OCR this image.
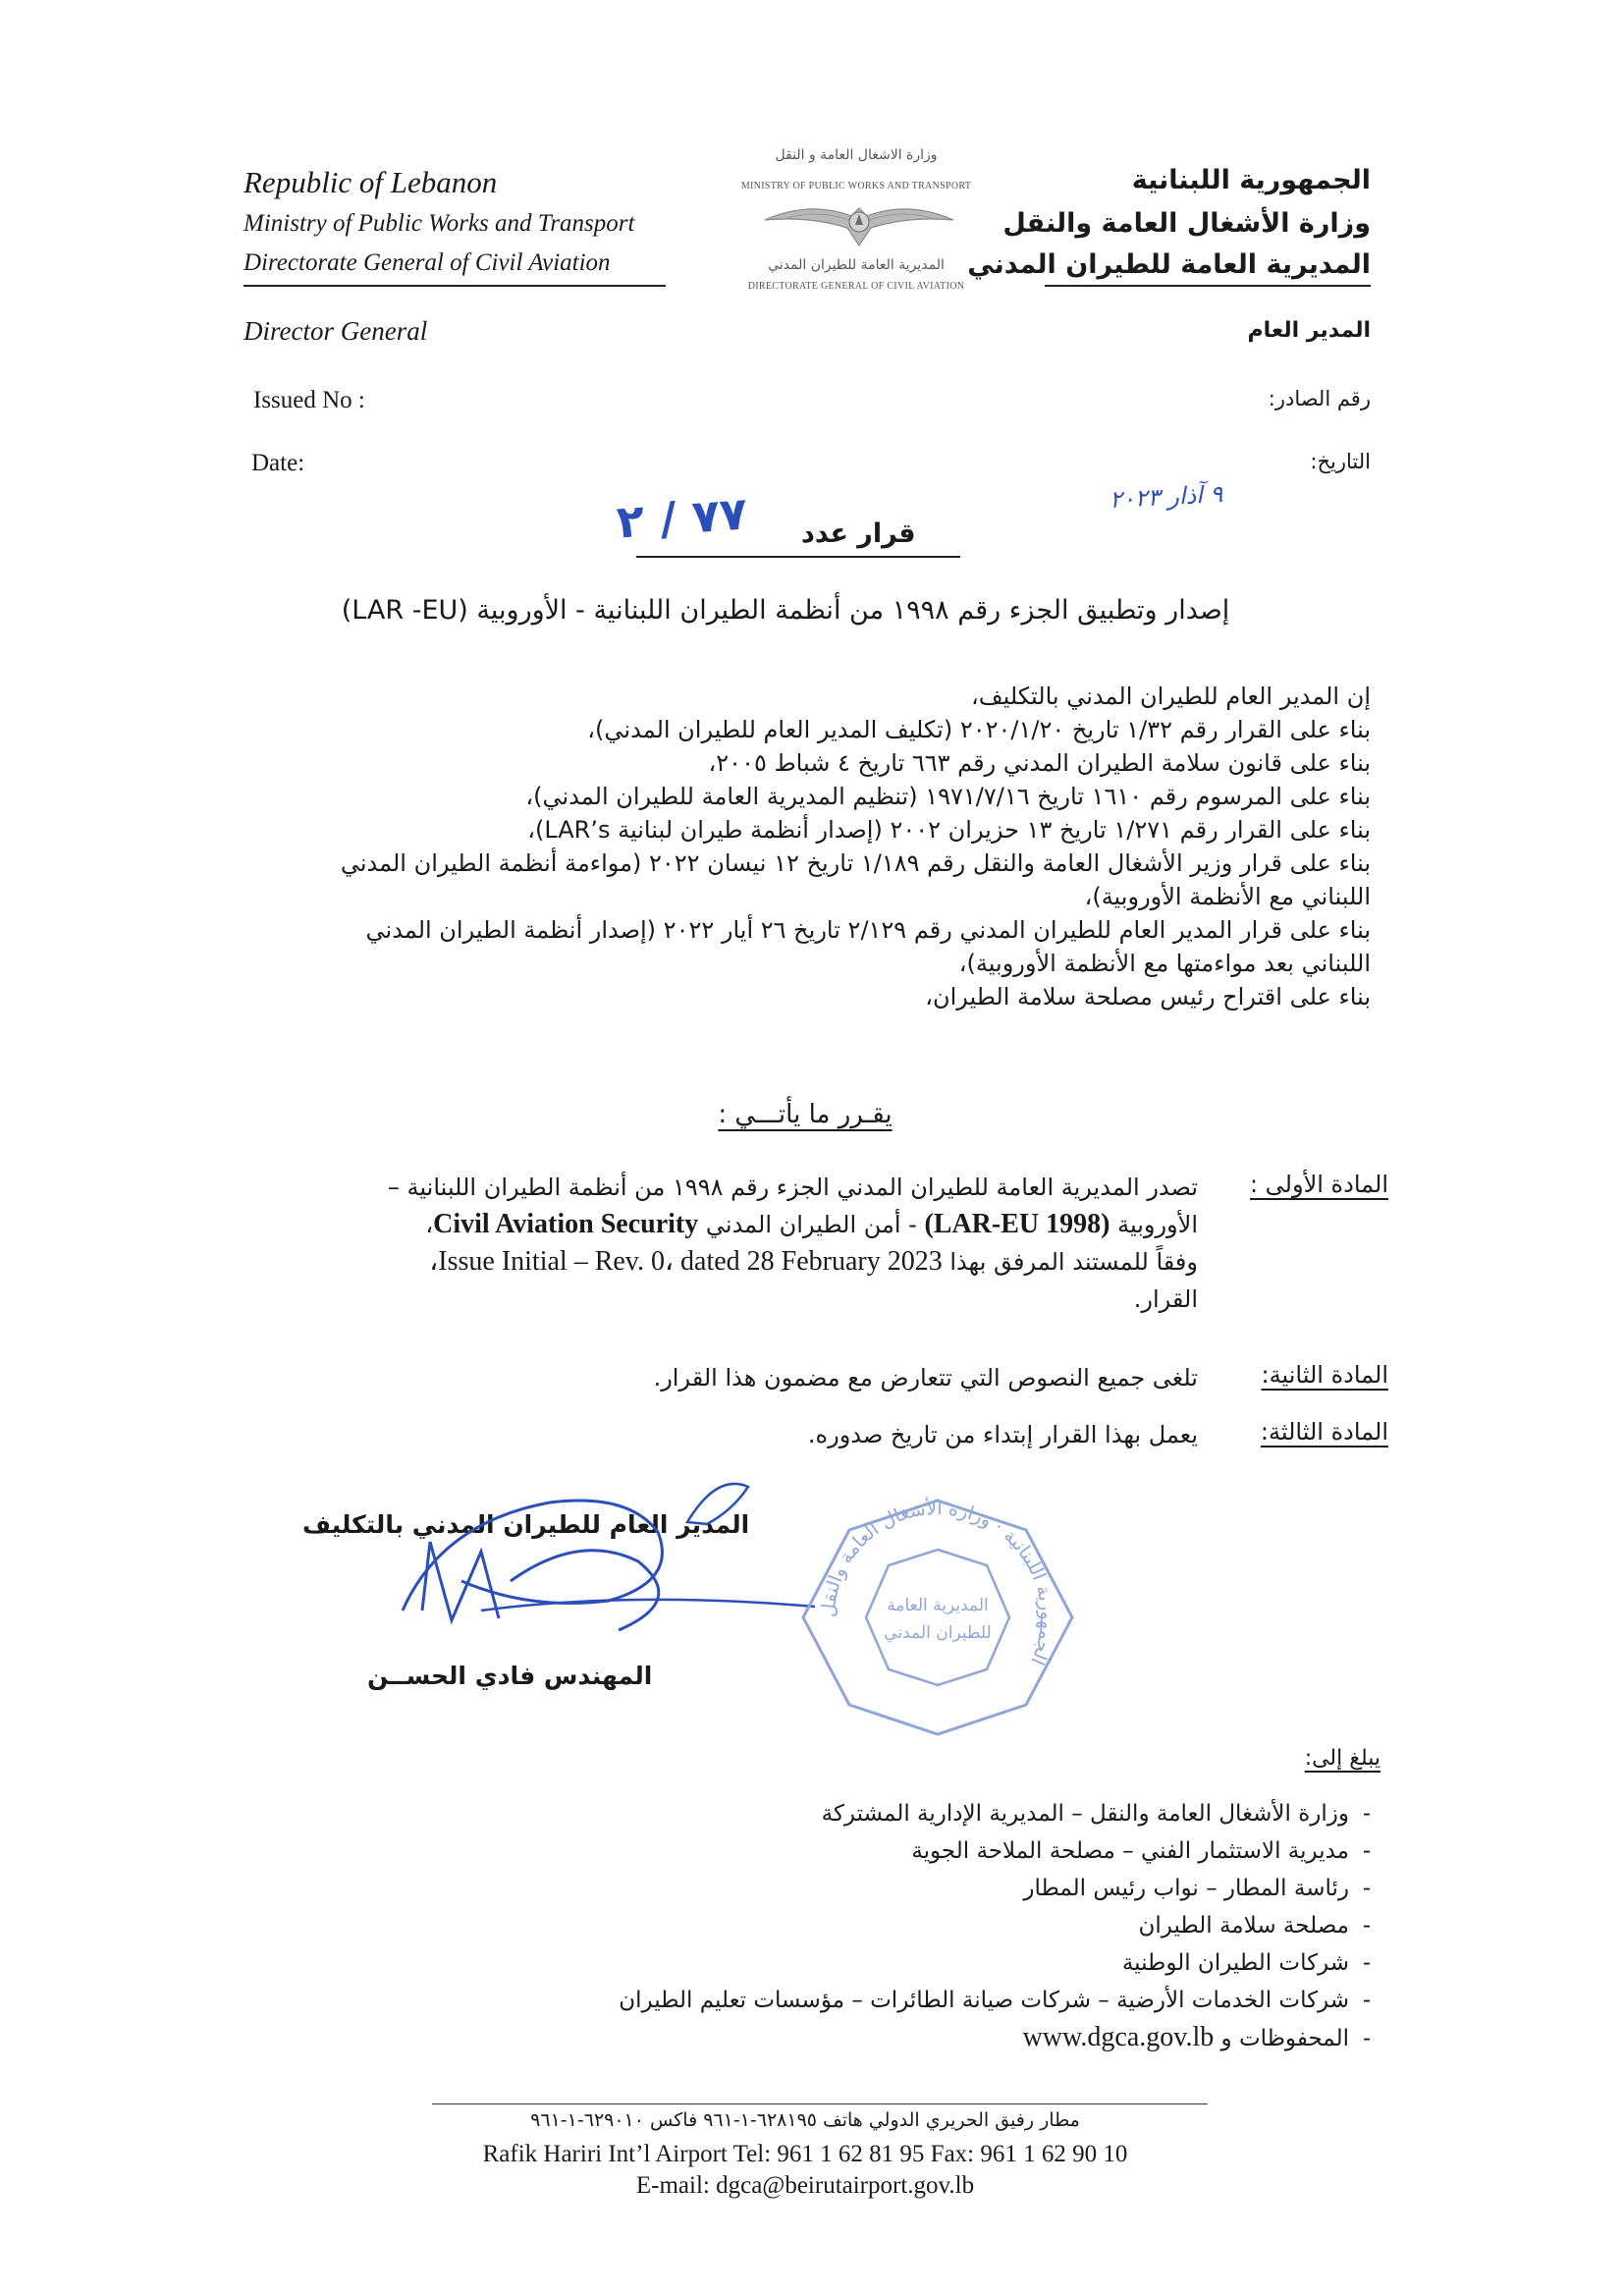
Republic of Lebanon
Ministry of Public Works and Transport
Directorate General of Civil Aviation
وزارة الاشغال العامة و النقل
MINISTRY OF PUBLIC WORKS AND TRANSPORT
المديرية العامة للطيران المدني
DIRECTORATE GENERAL OF CIVIL AVIATION
الجمهورية اللبنانية
وزارة الأشغال العامة والنقل
المديرية العامة للطيران المدني
Director General	المدير العام
Issued No :	رقم الصادر:
Date:	التاريخ:
٩ آذار ٢٠٢٣
قرار عدد
٧٧ / ٢
إصدار وتطبيق الجزء رقم ١٩٩٨ من أنظمة الطيران اللبنانية - الأوروبية (LAR -EU)
إن المدير العام للطيران المدني بالتكليف،
بناء على القرار رقم ١/٣٢ تاريخ ٢٠٢٠/١/٢٠ (تكليف المدير العام للطيران المدني)،
بناء على قانون سلامة الطيران المدني رقم ٦٦٣ تاريخ ٤ شباط ٢٠٠٥،
بناء على المرسوم رقم ١٦١٠ تاريخ ١٩٧١/٧/١٦ (تنظيم المديرية العامة للطيران المدني)،
بناء على القرار رقم ١/٢٧١ تاريخ ١٣ حزيران ٢٠٠٢ (إصدار أنظمة طيران لبنانية LAR’s)،
بناء على قرار وزير الأشغال العامة والنقل رقم ١/١٨٩ تاريخ ١٢ نيسان ٢٠٢٢ (مواءمة أنظمة الطيران المدني
اللبناني مع الأنظمة الأوروبية)،
بناء على قرار المدير العام للطيران المدني رقم ٢/١٢٩ تاريخ ٢٦ أيار ٢٠٢٢ (إصدار أنظمة الطيران المدني
اللبناني بعد مواءمتها مع الأنظمة الأوروبية)،
بناء على اقتراح رئيس مصلحة سلامة الطيران،
يقـرر ما يأتـــي :
المادة الأولى :
تصدر المديرية العامة للطيران المدني الجزء رقم ١٩٩٨ من أنظمة الطيران اللبنانية –
الأوروبية (LAR-EU 1998) - أمن الطيران المدني Civil Aviation Security،
وفقاً للمستند المرفق بهذا Issue Initial – Rev. 0، dated 28 February 2023،
القرار.
المادة الثانية:
تلغى جميع النصوص التي تتعارض مع مضمون هذا القرار.
المادة الثالثة:
يعمل بهذا القرار إبتداء من تاريخ صدوره.
المدير العام للطيران المدني بالتكليف
المهندس فادي الحســن
الجمهورية اللبنانية · وزارة الأشغال العامة والنقل
المديرية العامة
للطيران المدني
يبلغ إلى:
-وزارة الأشغال العامة والنقل – المديرية الإدارية المشتركة
-مديرية الاستثمار الفني – مصلحة الملاحة الجوية
-رئاسة المطار – نواب رئيس المطار
-مصلحة سلامة الطيران
-شركات الطيران الوطنية
-شركات الخدمات الأرضية – شركات صيانة الطائرات – مؤسسات تعليم الطيران
-المحفوظات و www.dgca.gov.lb
مطار رفيق الحريري الدولي هاتف ٦٢٨١٩٥-١-٩٦١ فاكس ٦٢٩٠١٠-١-٩٦١
Rafik Hariri Int’l Airport Tel: 961 1 62 81 95 Fax: 961 1 62 90 10
E-mail: dgca@beirutairport.gov.lb
